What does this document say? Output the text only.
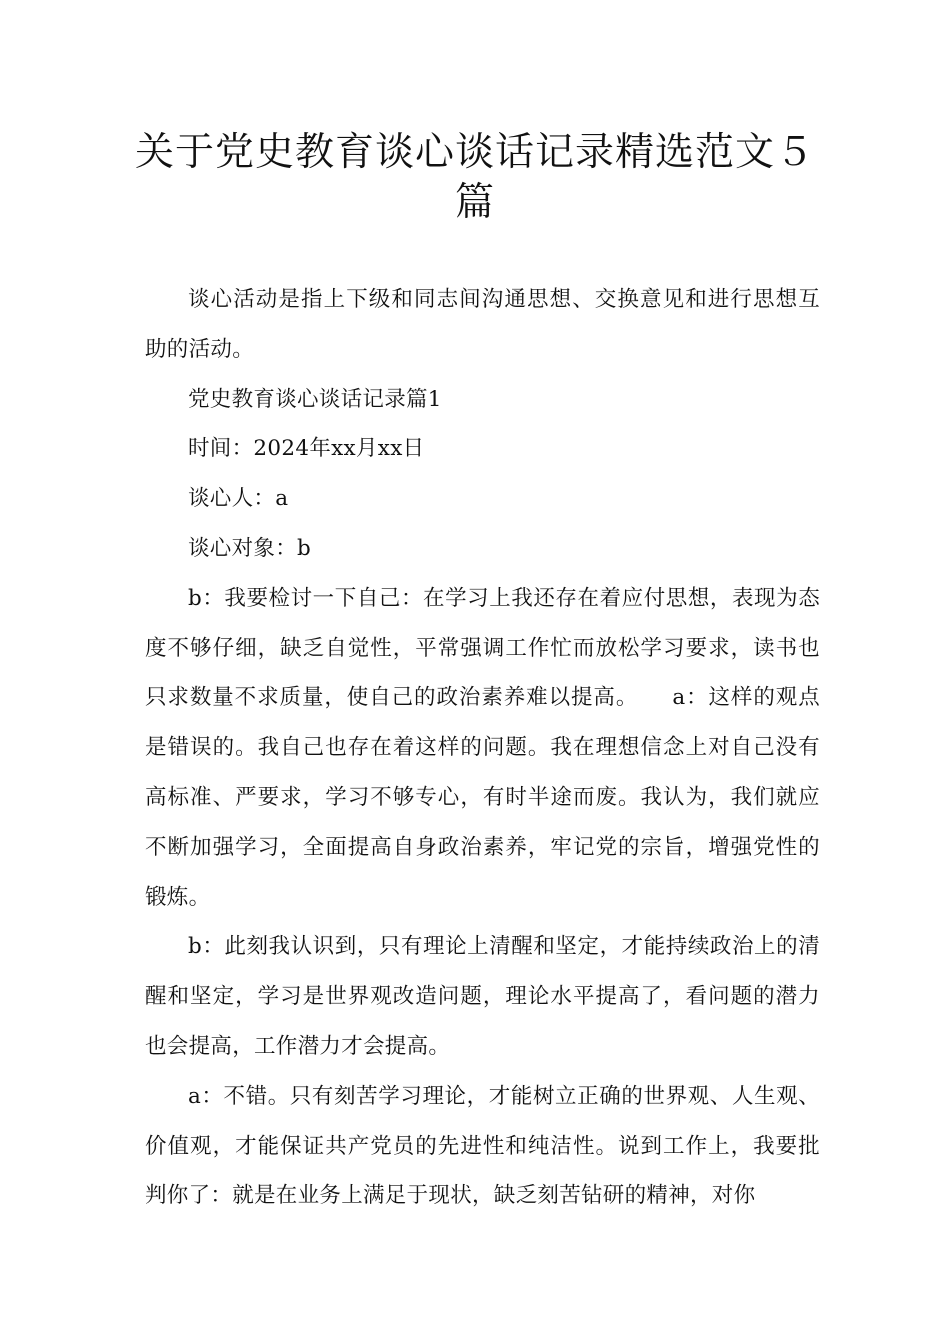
关于党史教育谈心谈话记录精选范文５
篇

谈心活动是指上下级和同志间沟通思想、交换意见和进行思想互助的活动。

党史教育谈心谈话记录篇1

时间：2024年xx月xx日

谈心人：a

谈心对象：b

b：我要检讨一下自己：在学习上我还存在着应付思想，表现为态度不够仔细，缺乏自觉性，平常强调工作忙而放松学习要求，读书也只求数量不求质量，使自己的政治素养难以提高。　　a：这样的观点是错误的。我自己也存在着这样的问题。我在理想信念上对自己没有高标准、严要求，学习不够专心，有时半途而废。我认为，我们就应不断加强学习，全面提高自身政治素养，牢记党的宗旨，增强党性的锻炼。

b：此刻我认识到，只有理论上清醒和坚定，才能持续政治上的清醒和坚定，学习是世界观改造问题，理论水平提高了，看问题的潜力也会提高，工作潜力才会提高。

a：不错。只有刻苦学习理论，才能树立正确的世界观、人生观、价值观，才能保证共产党员的先进性和纯洁性。说到工作上，我要批判你了：就是在业务上满足于现状，缺乏刻苦钻研的精神，对你
